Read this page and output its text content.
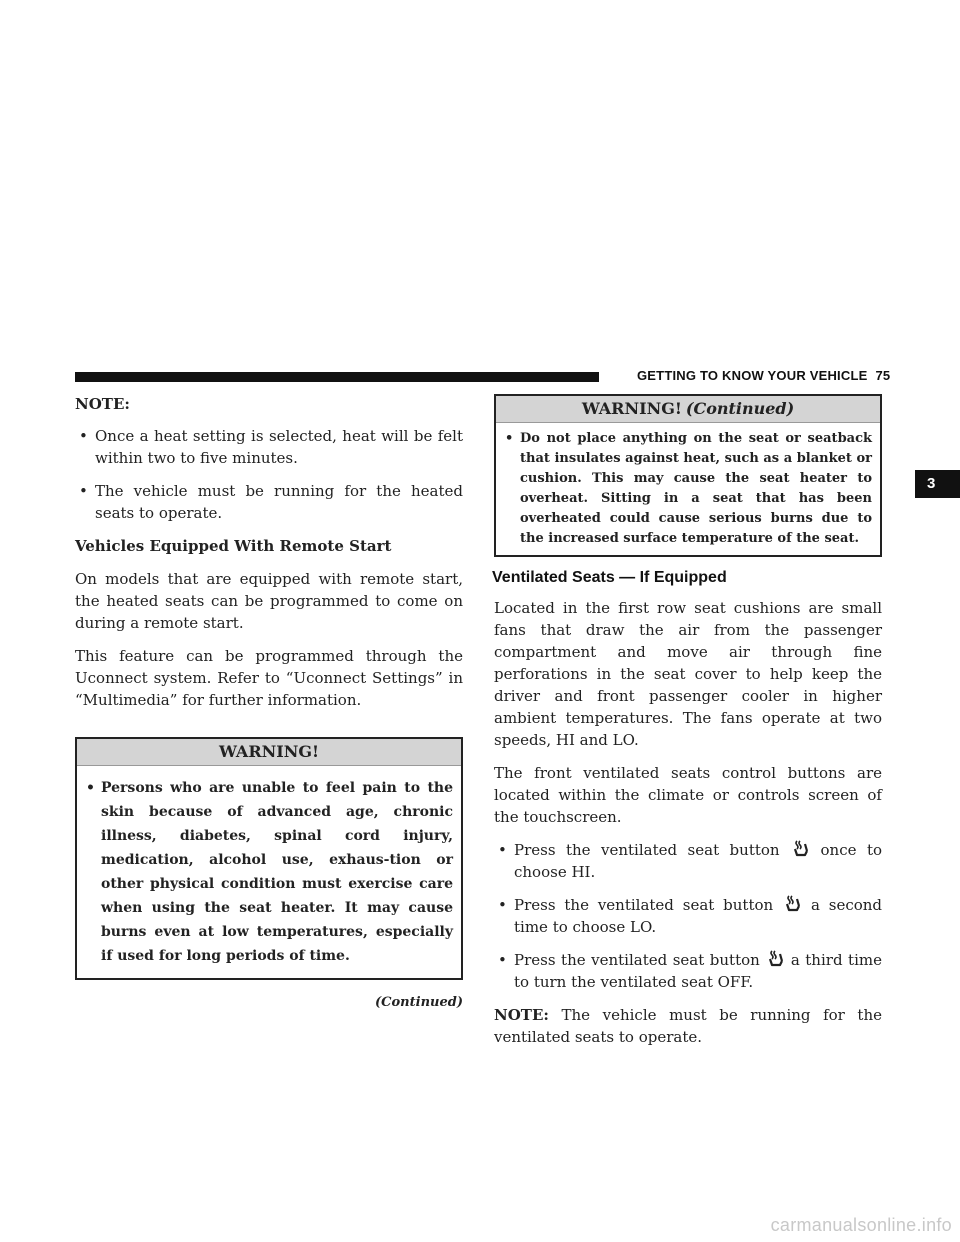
GETTING TO KNOW YOUR VEHICLE 75

NOTE:

• Once a heat setting is selected, heat will be felt within two to five minutes.
• The vehicle must be running for the heated seats to operate.

Vehicles Equipped With Remote Start

On models that are equipped with remote start, the heated seats can be programmed to come on during a remote start.

This feature can be programmed through the Uconnect system. Refer to “Uconnect Settings” in “Multimedia” for further information.

WARNING!
• Persons who are unable to feel pain to the skin because of advanced age, chronic illness, diabetes, spinal cord injury, medication, alcohol use, exhaus-tion or other physical condition must exercise care when using the seat heater. It may cause burns even at low temperatures, especially if used for long periods of time.
(Continued)
WARNING! (Continued)
• Do not place anything on the seat or seatback that insulates against heat, such as a blanket or cushion. This may cause the seat heater to overheat. Sitting in a seat that has been overheated could cause serious burns due to the increased surface temperature of the seat.
Ventilated Seats — If Equipped

Located in the first row seat cushions are small fans that draw the air from the passenger compartment and move air through fine perforations in the seat cover to help keep the driver and front passenger cooler in higher ambient temperatures. The fans operate at two speeds, HI and LO.

The front ventilated seats control buttons are located within the climate or controls screen of the touchscreen.

• Press the ventilated seat button	once to choose HI.
• Press the ventilated seat button	a second time to choose LO.
• Press the ventilated seat button a third time to turn the ventilated seat OFF.

NOTE: The vehicle must be running for the ventilated seats to operate.

3
carmanualsonline.info
